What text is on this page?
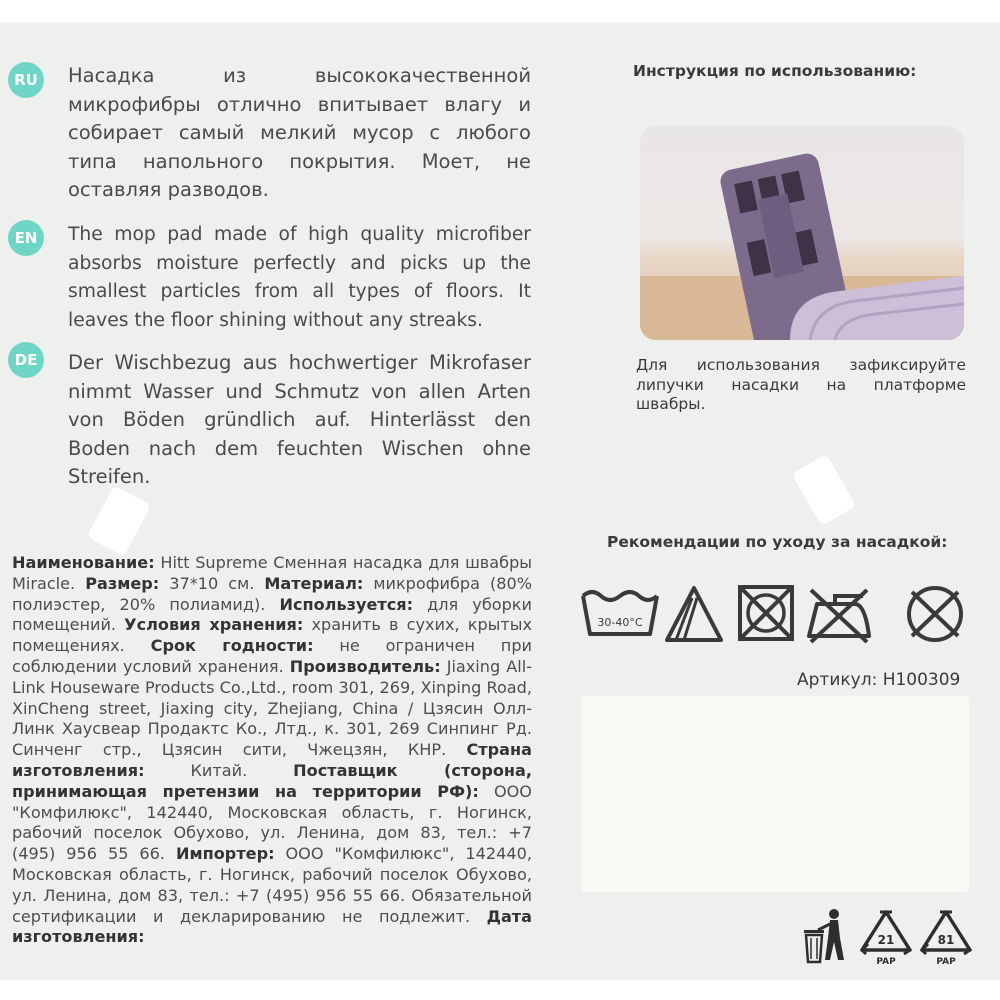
RU	Насадка из высококачественной микрофибры отлично впитывает влагу и собирает самый мелкий мусор с любого типа напольного покрытия. Моет, не оставляя разводов.
EN	The mop pad made of high quality microfiber absorbs moisture perfectly and picks up the smallest particles from all types of floors. It leaves the floor shining without any streaks.
DE	Der Wischbezug aus hochwertiger Mikrofaser nimmt Wasser und Schmutz von allen Arten von Böden gründlich auf. Hinterlässt den Boden nach dem feuchten Wischen ohne Streifen.
Инструкция по использованию:
Для использования зафиксируйте липучки насадки на платформе швабры.
Наименование: Hitt Supreme Сменная насадка для швабры Miracle. Размер: 37*10 см. Материал: микрофибра (80% полиэстер, 20% полиамид). Используется: для уборки помещений. Условия хранения: хранить в сухих, крытых помещениях. Срок годности: не ограничен при соблюдении условий хранения. Производитель: Jiaxing All-Link Houseware Products Co.,Ltd., room 301, 269, Xinping Road, XinCheng street, Jiaxing city, Zhejiang, China / Цзясин Олл-Линк Хаусвеар Продактс Ко., Лтд., к. 301, 269 Синпинг Рд. Синченг стр., Цзясин сити, Чжецзян, КНР. Страна изготовления:	Китай.	Поставщик (сторона, принимающая претензии на территории РФ): ООО "Комфилюкс", 142440, Московская область, г. Ногинск, рабочий поселок Обухово, ул. Ленина, дом 83, тел.: +7 (495) 956 55 66. Импортер: ООО "Комфилюкс", 142440, Московская область, г. Ногинск, рабочий поселок Обухово, ул. Ленина, дом 83, тел.: +7 (495) 956 55 66. Обязательной сертификации и декларированию не подлежит. Дата изготовления:
Рекомендации по уходу за насадкой:
30-40°C
Артикул: H100309
21
PAP
81
PAP
